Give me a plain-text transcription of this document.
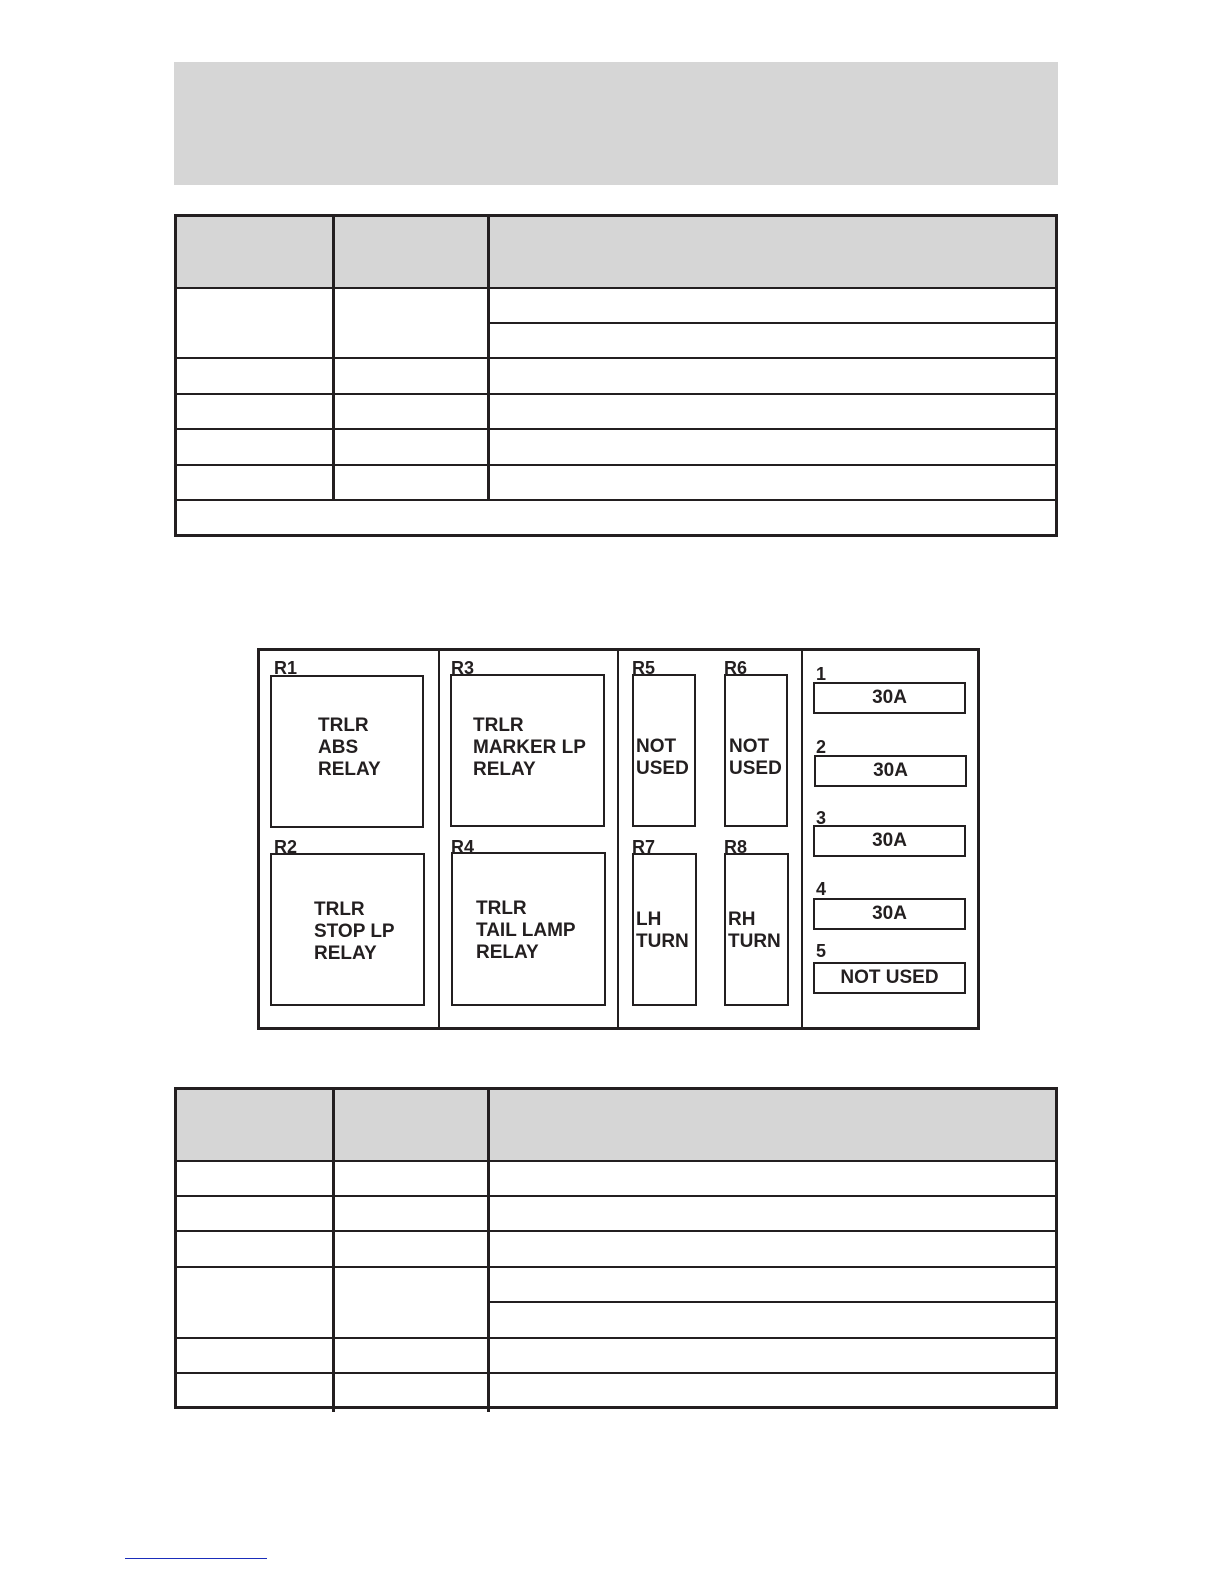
R1
TRLR
ABS
RELAY
R2
TRLR
STOP LP
RELAY
R3
TRLR
MARKER LP
RELAY
R4
TRLR
TAIL LAMP
RELAY
R5
NOT
USED
R6
NOT
USED
R7
LH
TURN
R8
RH
TURN
1
30A
2
30A
3
30A
4
30A
5
NOT USED
